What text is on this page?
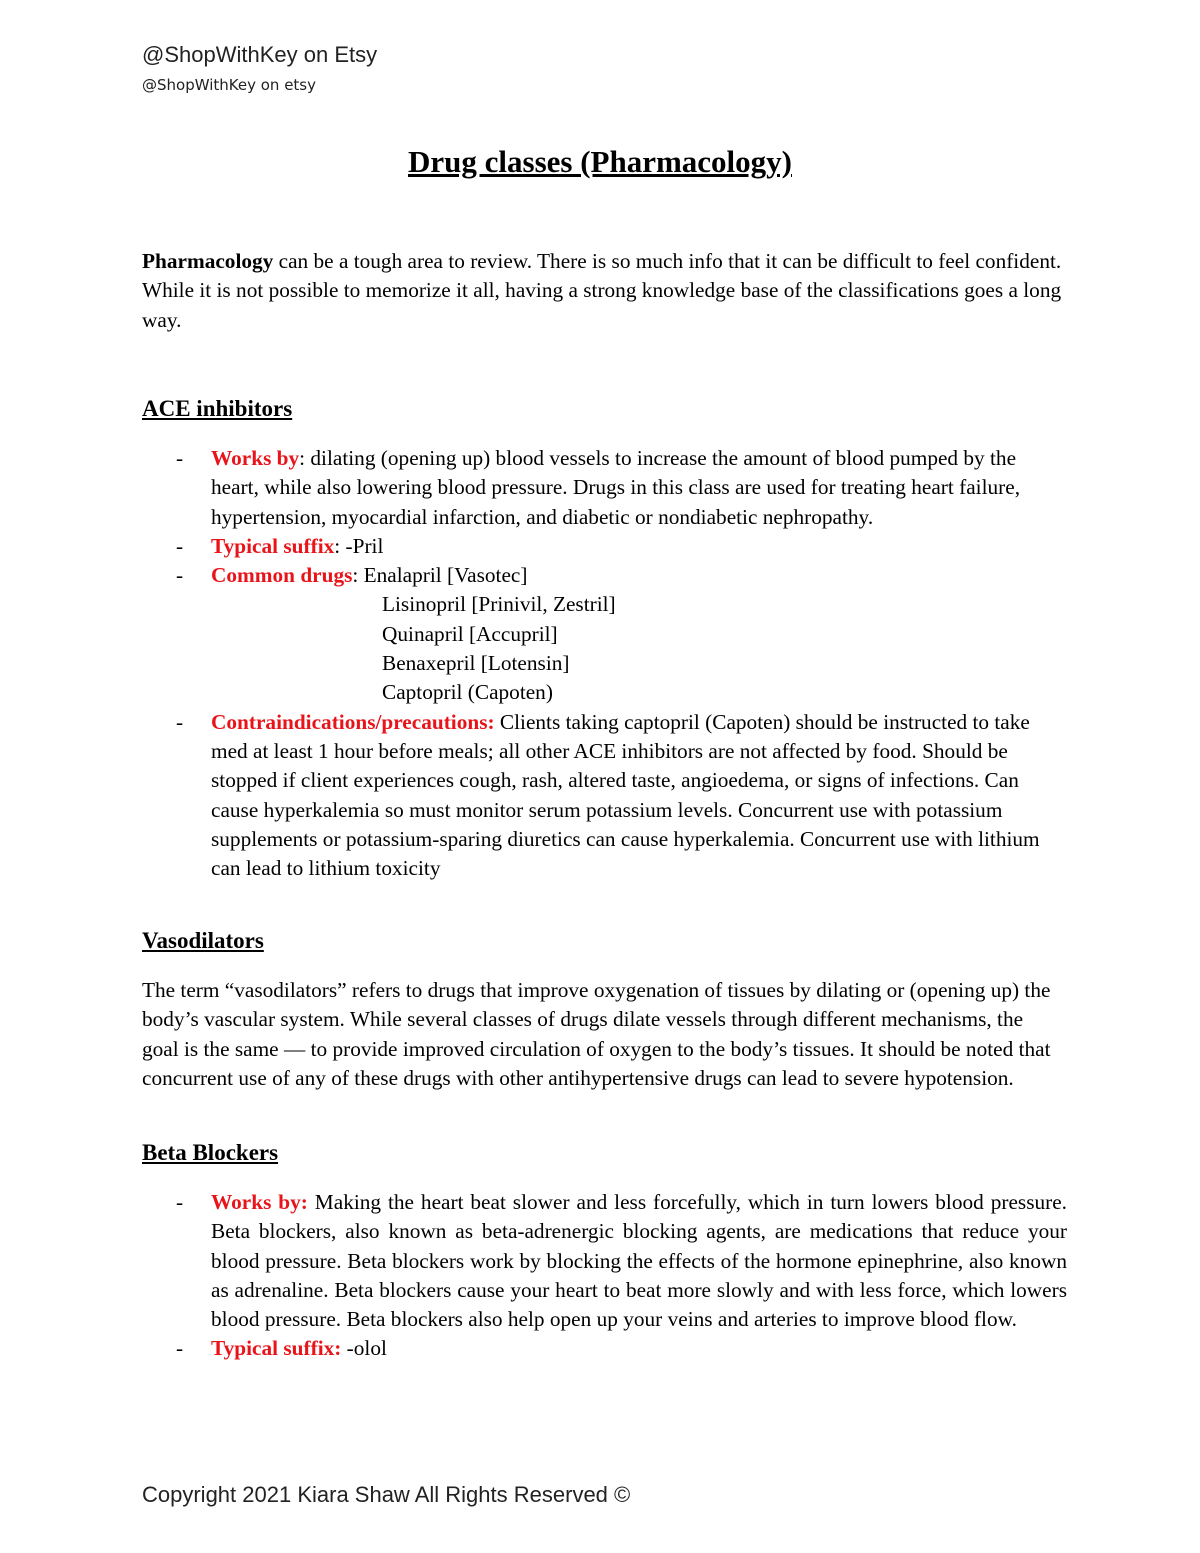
@ShopWithKey on Etsy
@ShopWithKey on etsy
Drug classes (Pharmacology)
Pharmacology can be a tough area to review. There is so much info that it can be difficult to feel confident. While it is not possible to memorize it all, having a strong knowledge base of the classifications goes a long way.
ACE inhibitors
- Works by: dilating (opening up) blood vessels to increase the amount of blood pumped by the heart, while also lowering blood pressure. Drugs in this class are used for treating heart failure, hypertension, myocardial infarction, and diabetic or nondiabetic nephropathy.
- Typical suffix: -Pril
- Common drugs: Enalapril [Vasotec]
Lisinopril [Prinivil, Zestril]
Quinapril [Accupril]
Benaxepril [Lotensin]
Captopril (Capoten)
- Contraindications/precautions: Clients taking captopril (Capoten) should be instructed to take med at least 1 hour before meals; all other ACE inhibitors are not affected by food. Should be stopped if client experiences cough, rash, altered taste, angioedema, or signs of infections. Can cause hyperkalemia so must monitor serum potassium levels. Concurrent use with potassium supplements or potassium-sparing diuretics can cause hyperkalemia. Concurrent use with lithium can lead to lithium toxicity
Vasodilators
The term “vasodilators” refers to drugs that improve oxygenation of tissues by dilating or (opening up) the body’s vascular system. While several classes of drugs dilate vessels through different mechanisms, the goal is the same — to provide improved circulation of oxygen to the body’s tissues. It should be noted that concurrent use of any of these drugs with other antihypertensive drugs can lead to severe hypotension.
Beta Blockers
- Works by: Making the heart beat slower and less forcefully, which in turn lowers blood pressure. Beta blockers, also known as beta-adrenergic blocking agents, are medications that reduce your blood pressure. Beta blockers work by blocking the effects of the hormone epinephrine, also known as adrenaline. Beta blockers cause your heart to beat more slowly and with less force, which lowers blood pressure. Beta blockers also help open up your veins and arteries to improve blood flow.
- Typical suffix: -olol
Copyright 2021 Kiara Shaw All Rights Reserved ©
